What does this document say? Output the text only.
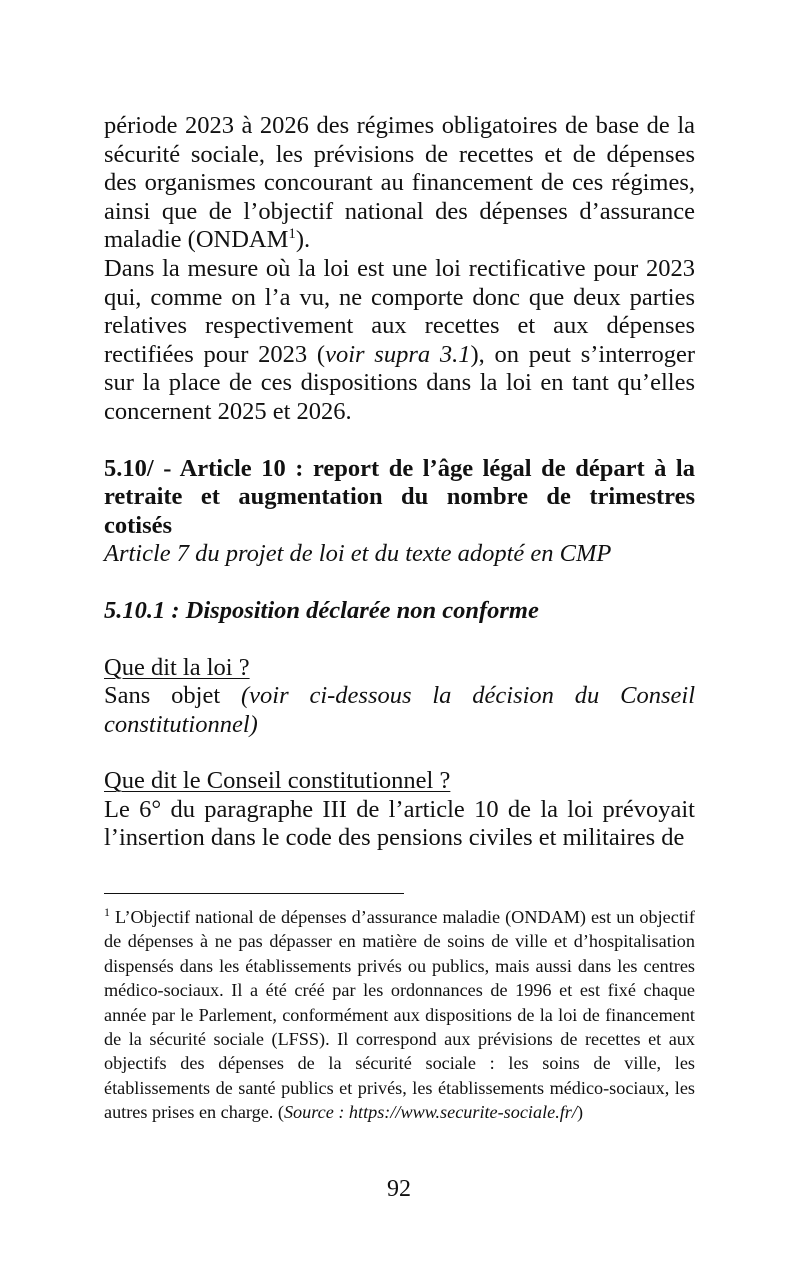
période 2023 à 2026 des régimes obligatoires de base de la sécurité sociale, les prévisions de recettes et de dépenses des organismes concourant au financement de ces régimes, ainsi que de l’objectif national des dépenses d’assurance maladie (ONDAM$^1$).

Dans la mesure où la loi est une loi rectificative pour 2023 qui, comme on l’a vu, ne comporte donc que deux parties relatives respectivement aux recettes et aux dépenses rectifiées pour 2023 (voir supra 3.1), on peut s’interroger sur la place de ces dispositions dans la loi en tant qu’elles concernent 2025 et 2026.

5.10/ - Article 10 : report de l’âge légal de départ à la retraite et augmentation du nombre de trimestres cotisés

Article 7 du projet de loi et du texte adopté en CMP

5.10.1 : Disposition déclarée non conforme

Que dit la loi ?

Sans objet (voir ci-dessous la décision du Conseil constitutionnel)

Que dit le Conseil constitutionnel ?

Le 6° du paragraphe III de l’article 10 de la loi prévoyait l’insertion dans le code des pensions civiles et militaires de

$^1$ L’Objectif national de dépenses d’assurance maladie (ONDAM) est un objectif de dépenses à ne pas dépasser en matière de soins de ville et d’hospitalisation dispensés dans les établissements privés ou publics, mais aussi dans les centres médico-sociaux. Il a été créé par les ordonnances de 1996 et est fixé chaque année par le Parlement, conformément aux dispositions de la loi de financement de la sécurité sociale (LFSS). Il correspond aux prévisions de recettes et aux objectifs des dépenses de la sécurité sociale : les soins de ville, les établissements de santé publics et privés, les établissements médico-sociaux, les autres prises en charge. (Source : https://www.securite-sociale.fr/)
92
